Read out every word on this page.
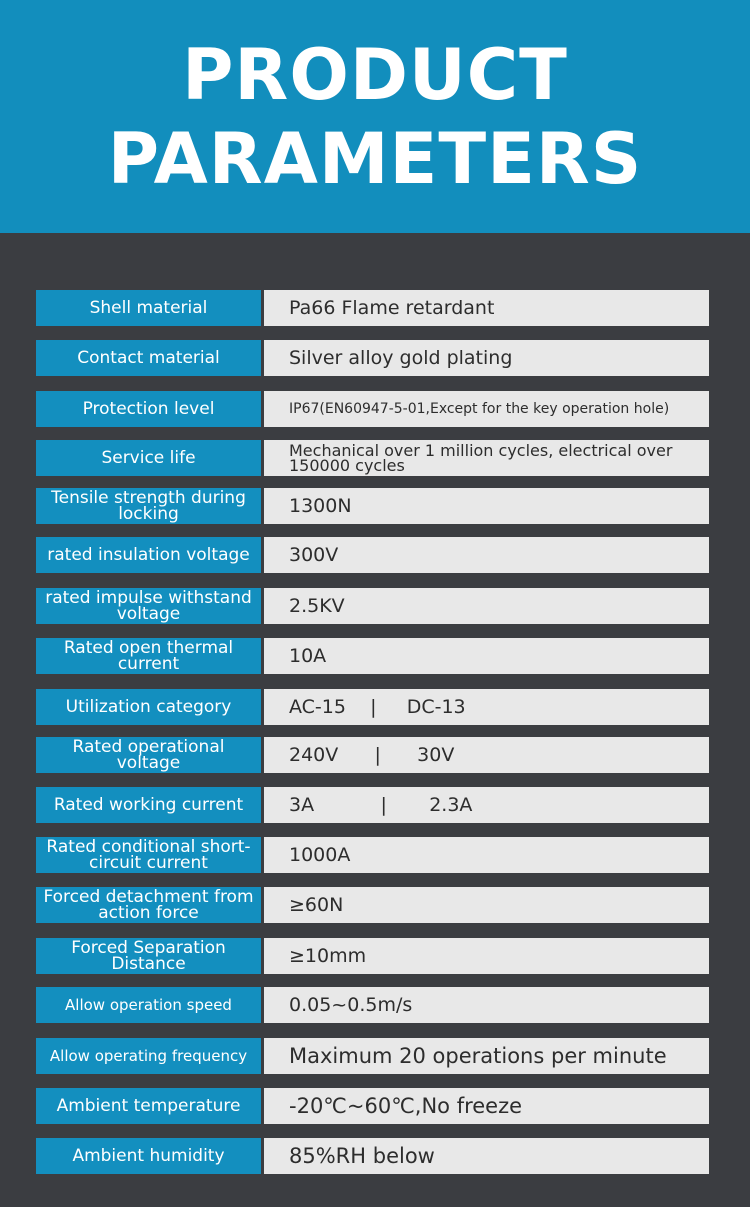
PRODUCT
PARAMETERS
Shell material	Pa66 Flame retardant
Contact material	Silver alloy gold plating
Protection level	IP67(EN60947-5-01,Except for the key operation hole)
Service life	Mechanical over 1 million cycles, electrical over 150000 cycles
Tensile strength during locking	1300N
rated insulation voltage	300V
rated impulse withstand voltage	2.5KV
Rated open thermal current	10A
Utilization category	AC-15    |     DC-13
Rated operational voltage	240V      |      30V
Rated working current	3A           |       2.3A
Rated conditional short-circuit current	1000A
Forced detachment from action force	≥60N
Forced Separation Distance	≥10mm
Allow operation speed	0.05~0.5m/s
Allow operating frequency	Maximum 20 operations per minute
Ambient temperature	-20℃~60℃,No freeze
Ambient humidity	85%RH below
